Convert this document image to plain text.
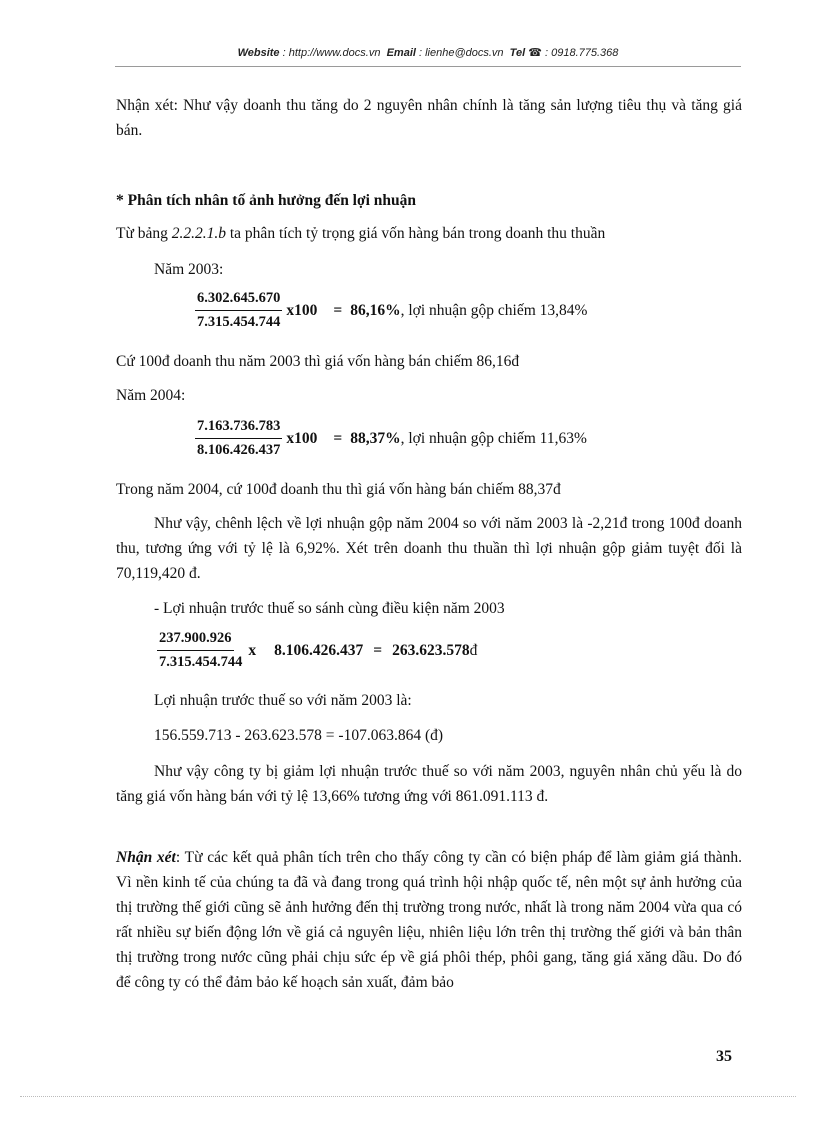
Website : http://www.docs.vn Email : lienhe@docs.vn Tel ☎ : 0918.775.368
Nhận xét: Như vậy doanh thu tăng do 2 nguyên nhân chính là tăng sản lượng tiêu thụ và tăng giá bán.
* Phân tích nhân tố ảnh hưởng đến lợi nhuận
Từ bảng 2.2.2.1.b ta phân tích tỷ trọng giá vốn hàng bán trong doanh thu thuần
Năm 2003:
$\frac{6.302.645.670}{7.315.454.744} x100 = 86,16\%$ , lợi nhuận gộp chiếm 13,84%
Cứ 100đ doanh thu năm 2003 thì giá vốn hàng bán chiếm 86,16đ
Năm 2004:
$\frac{7.163.736.783}{8.106.426.437} x100 = 88,37\%$ , lợi nhuận gộp chiếm 11,63%
Trong năm 2004, cứ 100đ doanh thu thì giá vốn hàng bán chiếm 88,37đ
Như vậy, chênh lệch về lợi nhuận gộp năm 2004 so với năm 2003 là -2,21đ trong 100đ doanh thu, tương ứng với tỷ lệ là 6,92%. Xét trên doanh thu thuần thì lợi nhuận gộp giảm tuyệt đối là 70,119,420 đ.
- Lợi nhuận trước thuế so sánh cùng điều kiện năm 2003
$\frac{237.900.926}{7.315.454.744}$ x 8.106.426.437 = 263.623.578 đ
Lợi nhuận trước thuế so với năm 2003 là:
156.559.713 - 263.623.578 = -107.063.864 (đ)
Như vậy công ty bị giảm lợi nhuận trước thuế so với năm 2003, nguyên nhân chủ yếu là do tăng giá vốn hàng bán với tỷ lệ 13,66% tương ứng với 861.091.113 đ.
Nhận xét: Từ các kết quả phân tích trên cho thấy công ty cần có biện pháp để làm giảm giá thành. Vì nền kinh tế của chúng ta đã và đang trong quá trình hội nhập quốc tế, nên một sự ảnh hưởng của thị trường thế giới cũng sẽ ảnh hưởng đến thị trường trong nước, nhất là trong năm 2004 vừa qua có rất nhiều sự biến động lớn về giá cả nguyên liệu, nhiên liệu lớn trên thị trường thế giới và bản thân thị trường trong nước cũng phải chịu sức ép về giá phôi thép, phôi gang, tăng giá xăng dầu. Do đó để công ty có thể đảm bảo kế hoạch sản xuất, đảm bảo
35
